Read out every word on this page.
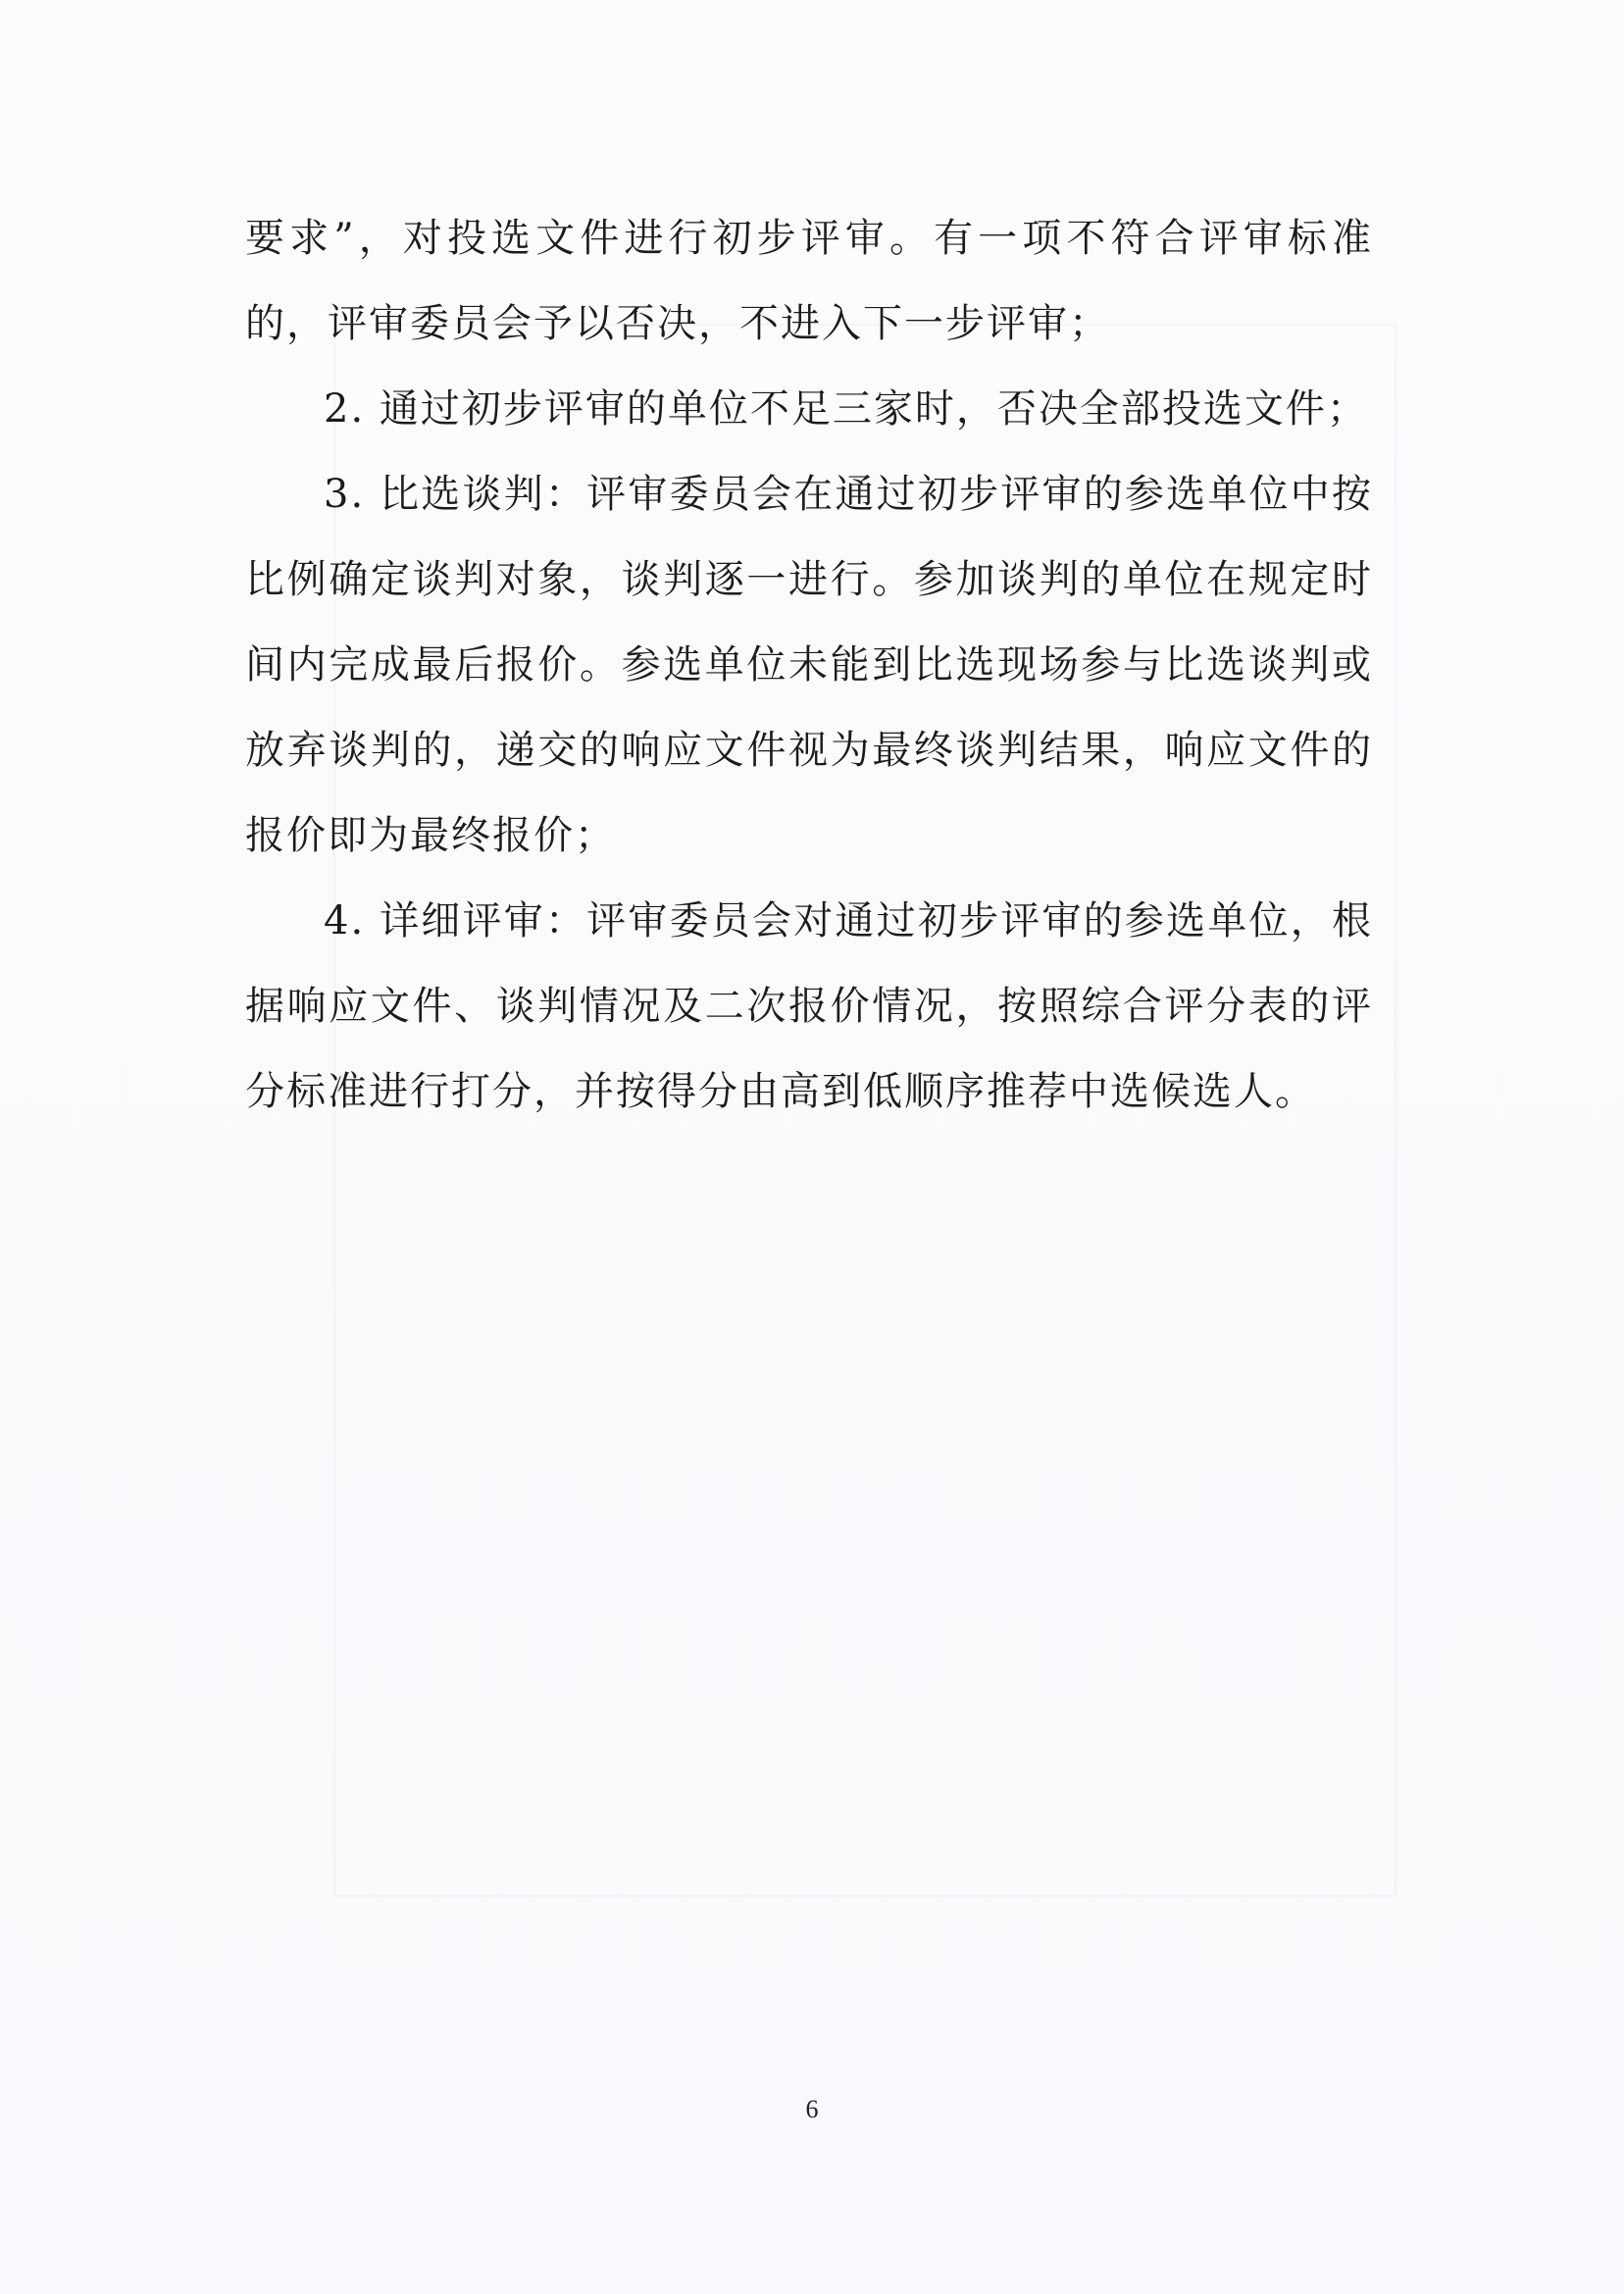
要求”，对投选文件进行初步评审。有一项不符合评审标准的，评审委员会予以否决，不进入下一步评审；

2. 通过初步评审的单位不足三家时，否决全部投选文件；

3. 比选谈判：评审委员会在通过初步评审的参选单位中按比例确定谈判对象，谈判逐一进行。参加谈判的单位在规定时间内完成最后报价。参选单位未能到比选现场参与比选谈判或放弃谈判的，递交的响应文件视为最终谈判结果，响应文件的报价即为最终报价；

4. 详细评审：评审委员会对通过初步评审的参选单位，根据响应文件、谈判情况及二次报价情况，按照综合评分表的评分标准进行打分，并按得分由高到低顺序推荐中选候选人。

6
